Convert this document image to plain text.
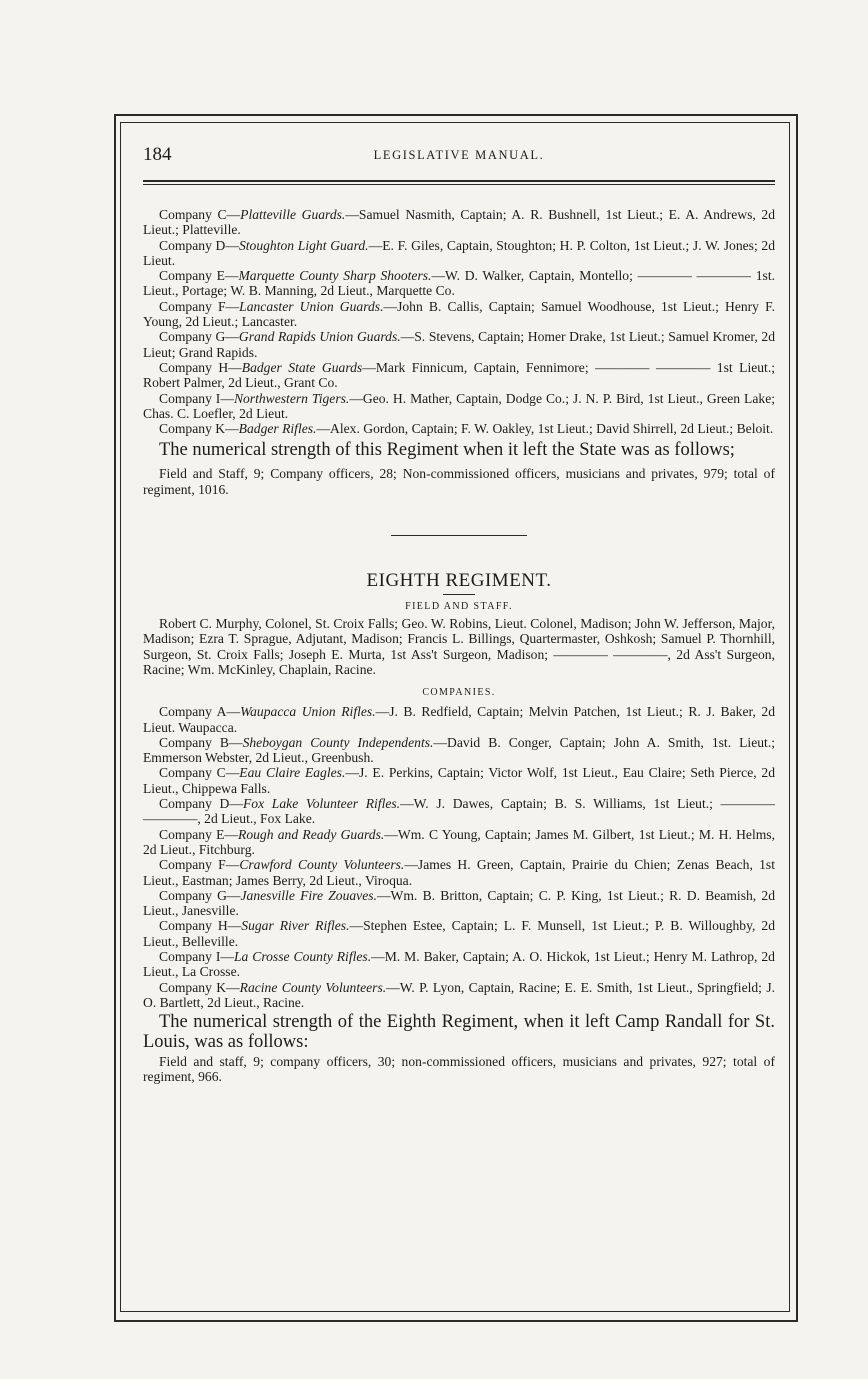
184	LEGISLATIVE MANUAL.

Company C—Platteville Guards.—Samuel Nasmith, Captain; A. R. Bushnell, 1st Lieut.; E. A. Andrews, 2d Lieut.; Platteville.

Company D—Stoughton Light Guard.—E. F. Giles, Captain, Stoughton; H. P. Colton, 1st Lieut.; J. W. Jones; 2d Lieut.

Company E—Marquette County Sharp Shooters.—W. D. Walker, Captain, Montello; ———— ———— 1st. Lieut., Portage; W. B. Manning, 2d Lieut., Marquette Co.

Company F—Lancaster Union Guards.—John B. Callis, Captain; Samuel Woodhouse, 1st Lieut.; Henry F. Young, 2d Lieut.; Lancaster.

Company G—Grand Rapids Union Guards.—S. Stevens, Captain; Homer Drake, 1st Lieut.; Samuel Kromer, 2d Lieut; Grand Rapids.

Company H—Badger State Guards—Mark Finnicum, Captain, Fennimore; ———— ———— 1st Lieut.; Robert Palmer, 2d Lieut., Grant Co.

Company I—Northwestern Tigers.—Geo. H. Mather, Captain, Dodge Co.; J. N. P. Bird, 1st Lieut., Green Lake; Chas. C. Loefler, 2d Lieut.

Company K—Badger Rifles.—Alex. Gordon, Captain; F. W. Oakley, 1st Lieut.; David Shirrell, 2d Lieut.; Beloit.

The numerical strength of this Regiment when it left the State was as follows;

Field and Staff, 9; Company officers, 28; Non-commissioned officers, musicians and privates, 979; total of regiment, 1016.

EIGHTH REGIMENT.
FIELD AND STAFF.

Robert C. Murphy, Colonel, St. Croix Falls; Geo. W. Robins, Lieut. Colonel, Madison; John W. Jefferson, Major, Madison; Ezra T. Sprague, Adjutant, Madison; Francis L. Billings, Quartermaster, Oshkosh; Samuel P. Thornhill, Surgeon, St. Croix Falls; Joseph E. Murta, 1st Ass't Surgeon, Madison; ———— ————, 2d Ass't Surgeon, Racine; Wm. McKinley, Chaplain, Racine.

COMPANIES.

Company A—Waupacca Union Rifles.—J. B. Redfield, Captain; Melvin Patchen, 1st Lieut.; R. J. Baker, 2d Lieut. Waupacca.

Company B—Sheboygan County Independents.—David B. Conger, Captain; John A. Smith, 1st. Lieut.; Emmerson Webster, 2d Lieut., Greenbush.

Company C—Eau Claire Eagles.—J. E. Perkins, Captain; Victor Wolf, 1st Lieut., Eau Claire; Seth Pierce, 2d Lieut., Chippewa Falls.

Company D—Fox Lake Volunteer Rifles.—W. J. Dawes, Captain; B. S. Williams, 1st Lieut.; ———— ————, 2d Lieut., Fox Lake.

Company E—Rough and Ready Guards.—Wm. C Young, Captain; James M. Gilbert, 1st Lieut.; M. H. Helms, 2d Lieut., Fitchburg.

Company F—Crawford County Volunteers.—James H. Green, Captain, Prairie du Chien; Zenas Beach, 1st Lieut., Eastman; James Berry, 2d Lieut., Viroqua.

Company G—Janesville Fire Zouaves.—Wm. B. Britton, Captain; C. P. King, 1st Lieut.; R. D. Beamish, 2d Lieut., Janesville.

Company H—Sugar River Rifles.—Stephen Estee, Captain; L. F. Munsell, 1st Lieut.; P. B. Willoughby, 2d Lieut., Belleville.

Company I—La Crosse County Rifles.—M. M. Baker, Captain; A. O. Hickok, 1st Lieut.; Henry M. Lathrop, 2d Lieut., La Crosse.

Company K—Racine County Volunteers.—W. P. Lyon, Captain, Racine; E. E. Smith, 1st Lieut., Springfield; J. O. Bartlett, 2d Lieut., Racine.

The numerical strength of the Eighth Regiment, when it left Camp Randall for St. Louis, was as follows:

Field and staff, 9; company officers, 30; non-commissioned officers, musicians and privates, 927; total of regiment, 966.
